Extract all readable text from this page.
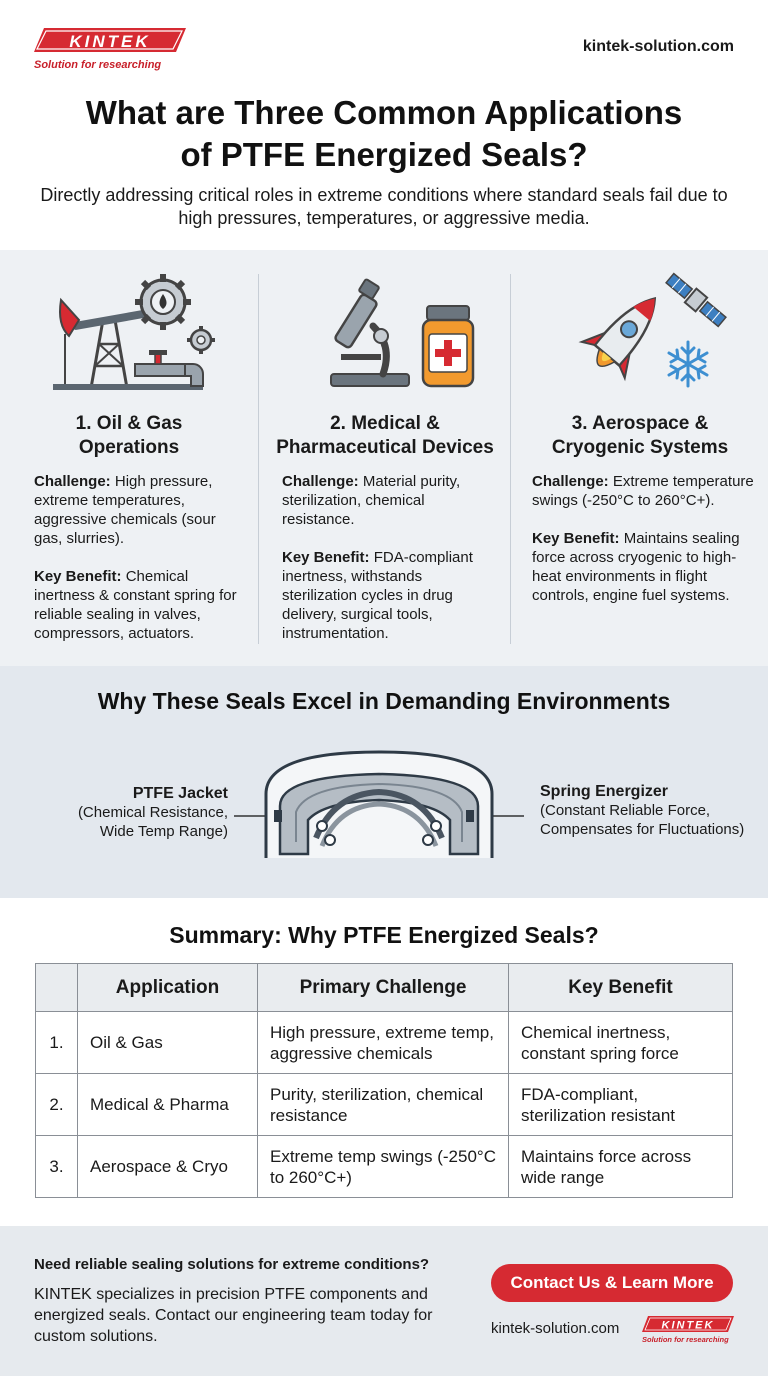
KINTEK
Solution for researching
kintek-solution.com
What are Three Common Applications
of PTFE Energized Seals?
Directly addressing critical roles in extreme conditions where standard seals fail due to high pressures, temperatures, or aggressive media.
1. Oil & Gas
Operations

Challenge: High pressure, extreme temperatures, aggressive chemicals (sour gas, slurries).

Key Benefit: Chemical inertness & constant spring for reliable sealing in valves, compressors, actuators.

2. Medical &
Pharmaceutical Devices

Challenge: Material purity, sterilization, chemical resistance.

Key Benefit: FDA-compliant inertness, withstands sterilization cycles in drug delivery, surgical tools, instrumentation.

3. Aerospace &
Cryogenic Systems

Challenge: Extreme temperature swings (-250°C to 260°C+).

Key Benefit: Maintains sealing force across cryogenic to high-heat environments in flight controls, engine fuel systems.

Why These Seals Excel in Demanding Environments
PTFE Jacket
(Chemical Resistance, Wide Temp Range)
Spring Energizer
(Constant Reliable Force, Compensates for Fluctuations)
Summary: Why PTFE Energized Seals?
	Application	Primary Challenge	Key Benefit
1.	Oil & Gas	High pressure, extreme temp, aggressive chemicals	Chemical inertness, constant spring force
2.	Medical & Pharma	Purity, sterilization, chemical resistance	FDA-compliant, sterilization resistant
3.	Aerospace & Cryo	Extreme temp swings (-250°C to 260°C+)	Maintains force across wide range
Need reliable sealing solutions for extreme conditions?
KINTEK specializes in precision PTFE components and energized seals. Contact our engineering team today for custom solutions.
Contact Us & Learn More
kintek-solution.com	KINTEK
Solution for researching
